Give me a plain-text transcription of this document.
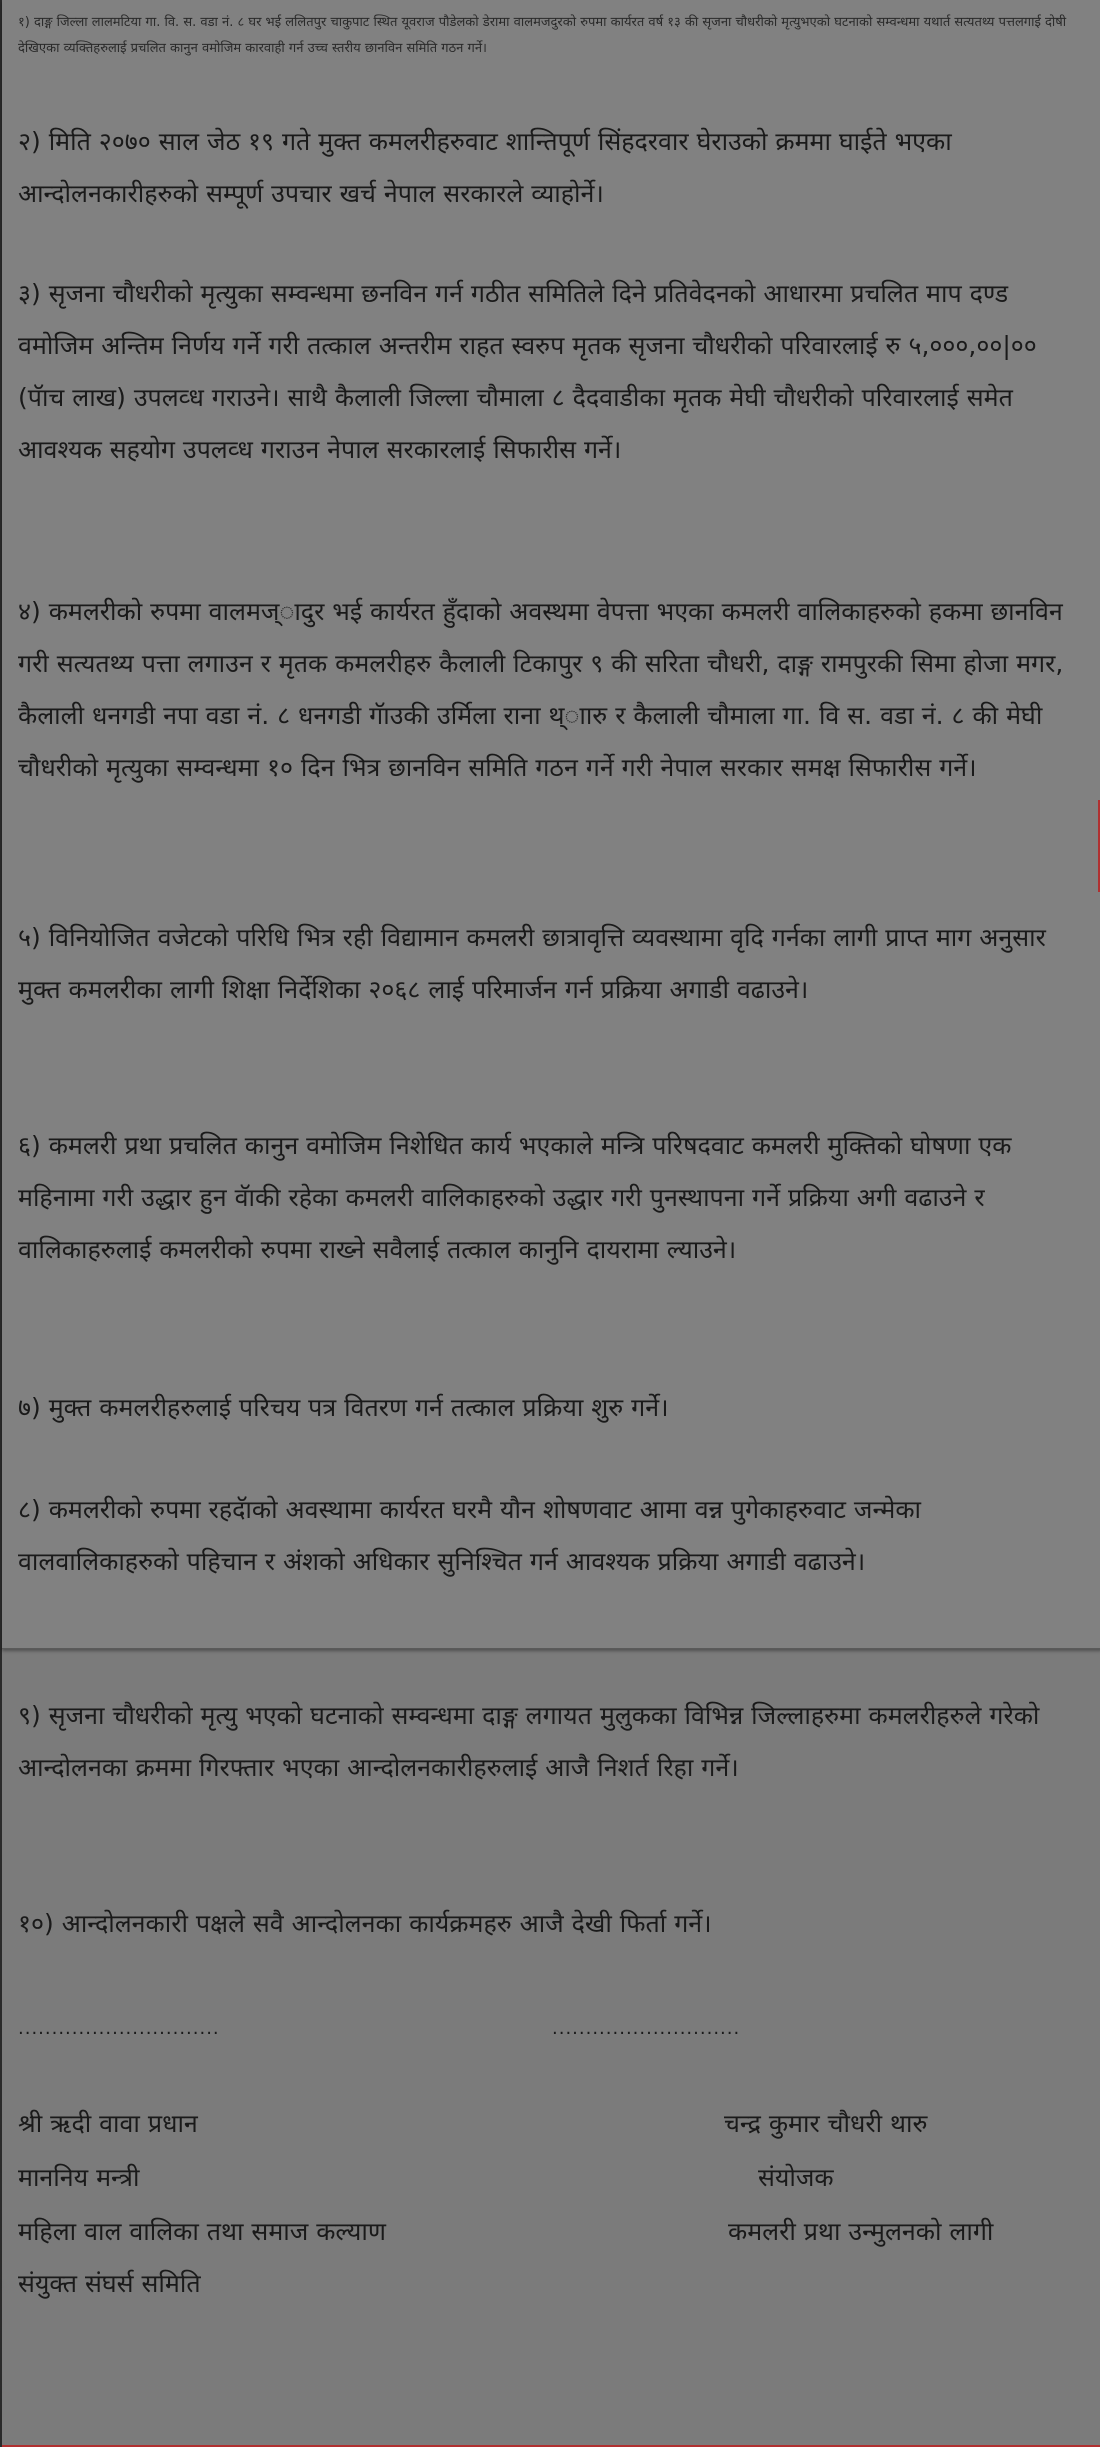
१) दाङ्ग जिल्ला लालमटिया गा. वि. स. वडा नं. ८ घर भई ललितपुर चाकुपाट स्थित यूवराज पौडेलको डेरामा वालमजदुरको रुपमा कार्यरत वर्ष १३ की सृजना चौधरीको मृत्युभएको घटनाको सम्वन्धमा यथार्त सत्यतथ्य पत्तलगाई दोषी देखिएका व्यक्तिहरुलाई प्रचलित कानुन वमोजिम कारवाही गर्न उच्च स्तरीय छानविन समिति गठन गर्ने।

२) मिति २०७० साल जेठ १९ गते मुक्त कमलरीहरुवाट शान्तिपूर्ण सिंहदरवार घेराउको क्रममा घाईते भएका आन्दोलनकारीहरुको सम्पूर्ण उपचार खर्च नेपाल सरकारले व्याहोर्ने।

३) सृजना चौधरीको मृत्युका सम्वन्धमा छनविन गर्न गठीत समितिले दिने प्रतिवेदनको आधारमा प्रचलित माप दण्ड वमोजिम अन्तिम निर्णय गर्ने गरी तत्काल अन्तरीम राहत स्वरुप मृतक सृजना चौधरीको परिवारलाई रु ५,०००,००|०० (पॅाच लाख) उपलव्ध गराउने। साथै कैलाली जिल्ला चौमाला ८ दैदवाडीका मृतक मेघी चौधरीको परिवारलाई समेत आवश्यक सहयोग उपलव्ध गराउन नेपाल सरकारलाई सिफारीस गर्ने।

४) कमलरीको रुपमा वालमज्ादुर भई कार्यरत हुँदाको अवस्थमा वेपत्ता भएका कमलरी वालिकाहरुको हकमा छानविन गरी सत्यतथ्य पत्ता लगाउन र मृतक कमलरीहरु कैलाली टिकापुर ९ की सरिता चौधरी, दाङ्ग रामपुरकी सिमा होजा मगर, कैलाली धनगडी नपा वडा नं. ८ धनगडी गॅाउकी उर्मिला राना थ्ाारु र कैलाली चौमाला गा. वि स. वडा नं. ८ की मेघी चौधरीको मृत्युका सम्वन्धमा १० दिन भित्र छानविन समिति गठन गर्ने गरी नेपाल सरकार समक्ष सिफारीस गर्ने।

५) विनियोजित वजेटको परिधि भित्र रही विद्यामान कमलरी छात्रावृत्ति व्यवस्थामा वृदि गर्नका लागी प्राप्त माग अनुसार मुक्त कमलरीका लागी शिक्षा निर्देशिका २०६८ लाई परिमार्जन गर्न प्रक्रिया अगाडी वढाउने।

६) कमलरी प्रथा प्रचलित कानुन वमोजिम निशेधित कार्य भएकाले मन्त्रि परिषदवाट कमलरी मुक्तिको घोषणा एक महिनामा गरी उद्धार हुन वॅाकी रहेका कमलरी वालिकाहरुको उद्धार गरी पुनस्थापना गर्ने प्रक्रिया अगी वढाउने र वालिकाहरुलाई कमलरीको रुपमा राख्ने सवैलाई तत्काल कानुनि दायरामा ल्याउने।

७) मुक्त कमलरीहरुलाई परिचय पत्र वितरण गर्न तत्काल प्रक्रिया शुरु गर्ने।

८) कमलरीको रुपमा रहदॅाको अवस्थामा कार्यरत घरमै यौन शोषणवाट आमा वन्न पुगेकाहरुवाट जन्मेका वालवालिकाहरुको पहिचान र अंशको अधिकार सुनिश्चित गर्न आवश्यक प्रक्रिया अगाडी वढाउने।

९) सृजना चौधरीको मृत्यु भएको घटनाको सम्वन्धमा दाङ्ग लगायत मुलुकका विभिन्न जिल्लाहरुमा कमलरीहरुले गरेको आन्दोलनका क्रममा गिरफ्तार भएका आन्दोलनकारीहरुलाई आजै निशर्त रिहा गर्ने।

१०) आन्दोलनकारी पक्षले सवै आन्दोलनका कार्यक्रमहरु आजै देखी फिर्ता गर्ने।

..............................	............................
श्री ऋदी वावा प्रधान	चन्द्र कुमार चौधरी थारु
माननिय मन्त्री	संयोजक
महिला वाल वालिका तथा समाज कल्याण	कमलरी प्रथा उन्मुलनको लागी
संयुक्त संघर्स समिति
